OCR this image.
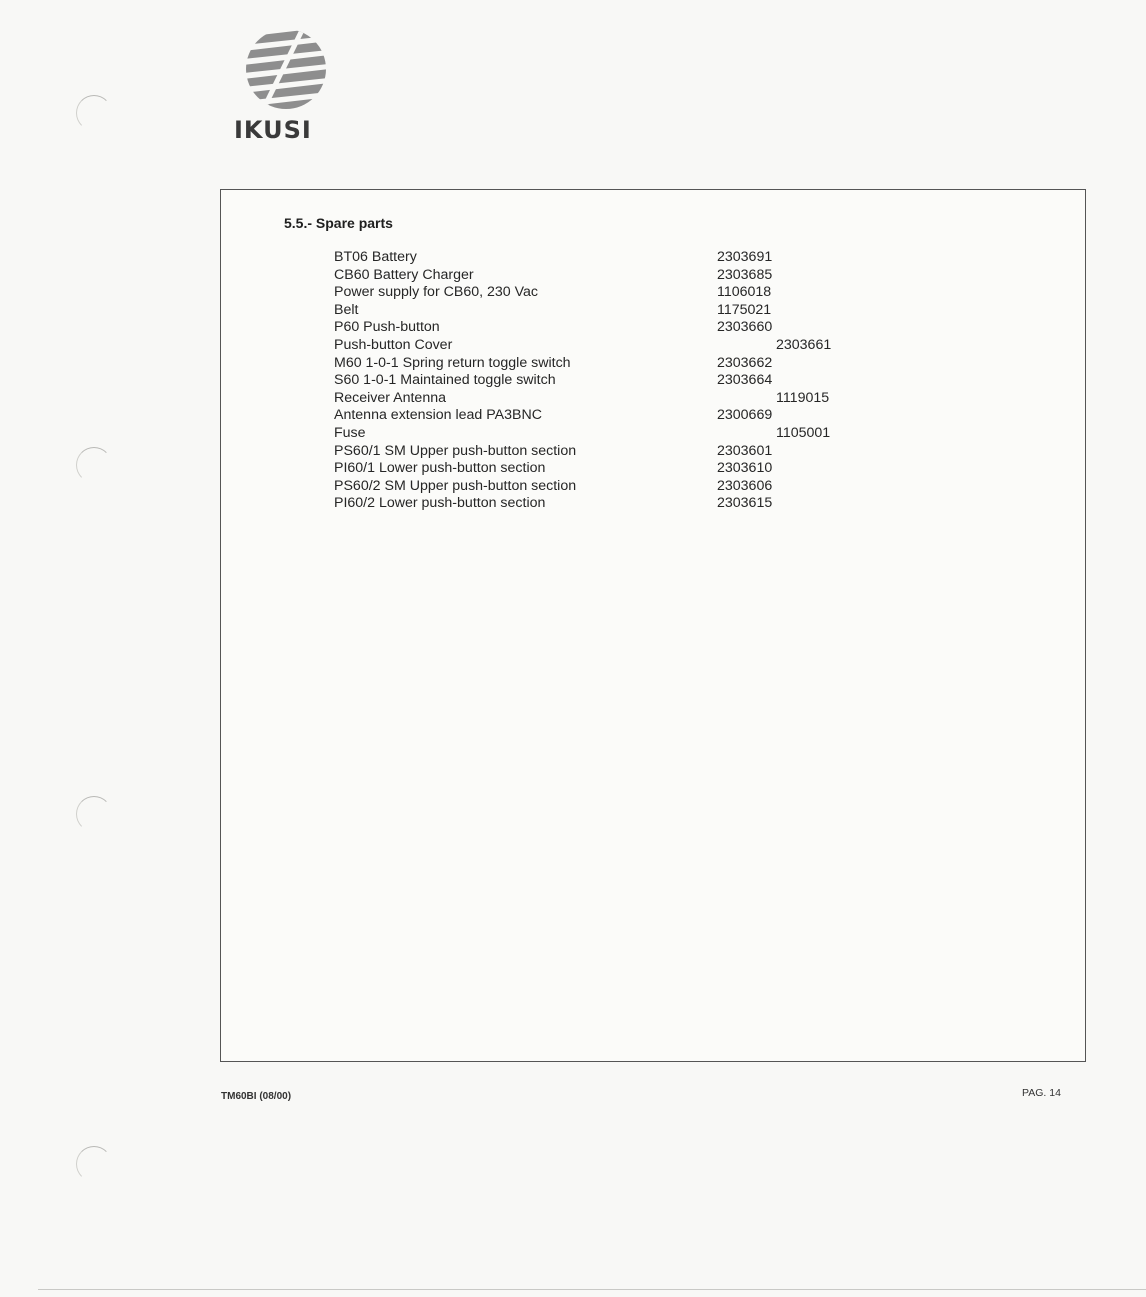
IKUSI
5.5.- Spare parts
BT06 Battery	2303691
CB60 Battery Charger	2303685
Power supply for CB60, 230 Vac	1106018
Belt	1175021
P60 Push-button	2303660
Push-button Cover	2303661
M60 1-0-1 Spring return toggle switch	2303662
S60 1-0-1 Maintained toggle switch	2303664
Receiver Antenna	1119015
Antenna extension lead PA3BNC	2300669
Fuse	1105001
PS60/1 SM Upper push-button section	2303601
PI60/1 Lower push-button section	2303610
PS60/2 SM Upper push-button section	2303606
PI60/2 Lower push-button section	2303615
TM60BI (08/00)	PAG. 14
